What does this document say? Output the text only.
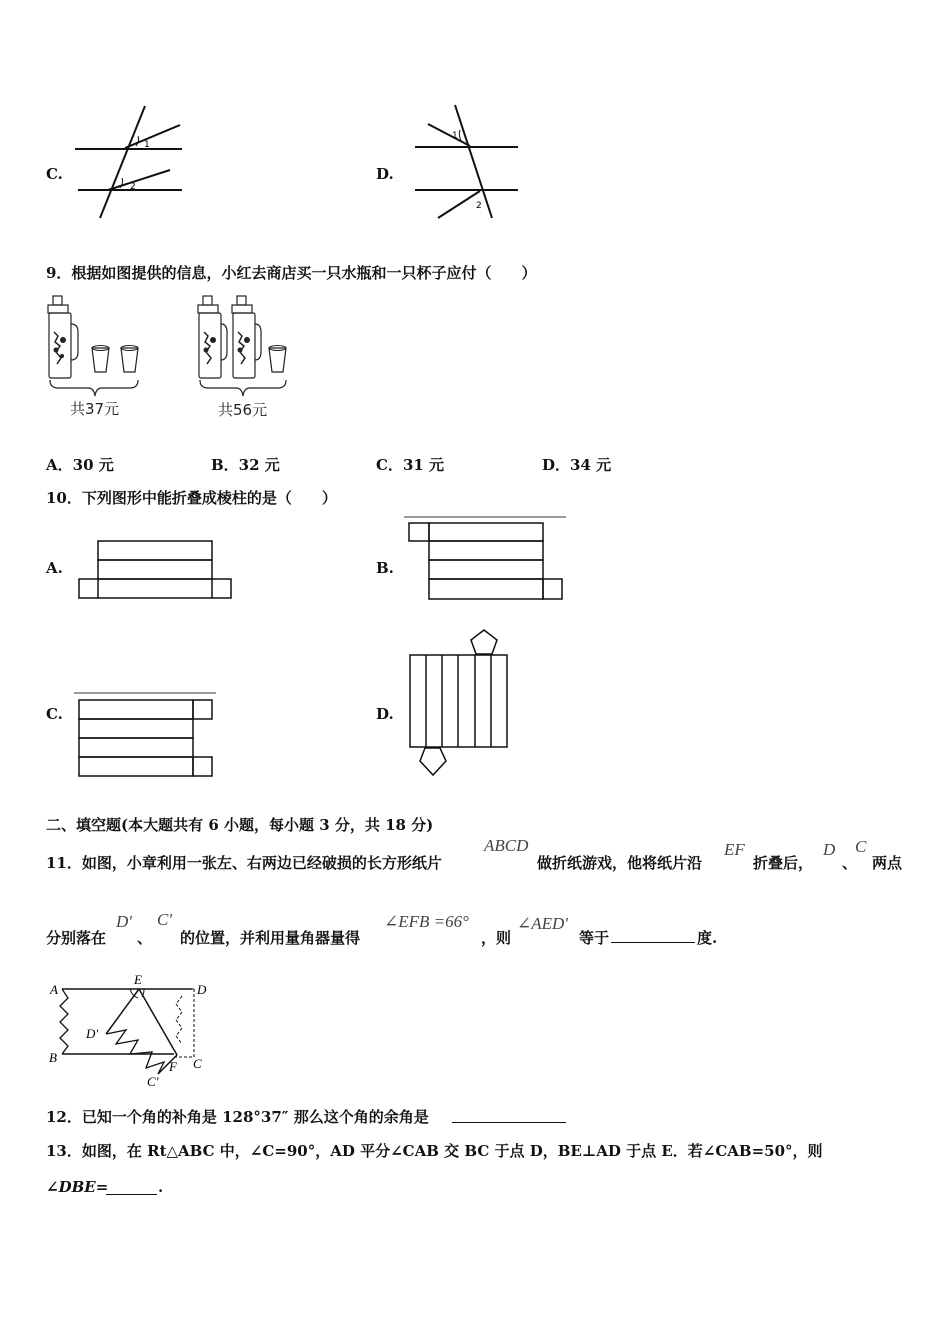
C.
1
2
D.
1
2
9．根据如图提供的信息，小红去商店买一只水瓶和一只杯子应付（　　）
共37元	共56元
A．30 元	B．32 元	C．31 元	D．34 元
10．下列图形中能折叠成棱柱的是（　　）
A.	B.
C.	D.
二、填空题(本大题共有 6 小题，每小题 3 分，共 18 分)
11．如图，小章利用一张左、右两边已经破损的长方形纸片
ABCD
做折纸游戏，他将纸片沿
EF
折叠后，
D
、
C
两点
分别落在
D'
、
C'
的位置，并利用量角器量得
∠EFB =66°
，则
∠AED'
等于	度.
A
E
D
D'
B
F C
C'
12．已知一个角的补角是 128°37″ 那么这个角的余角是
13．如图，在 Rt△ABC 中，∠C=90°，AD 平分∠CAB 交 BC 于点 D，BE⊥AD 于点 E．若∠CAB=50°，则
∠DBE=	.
